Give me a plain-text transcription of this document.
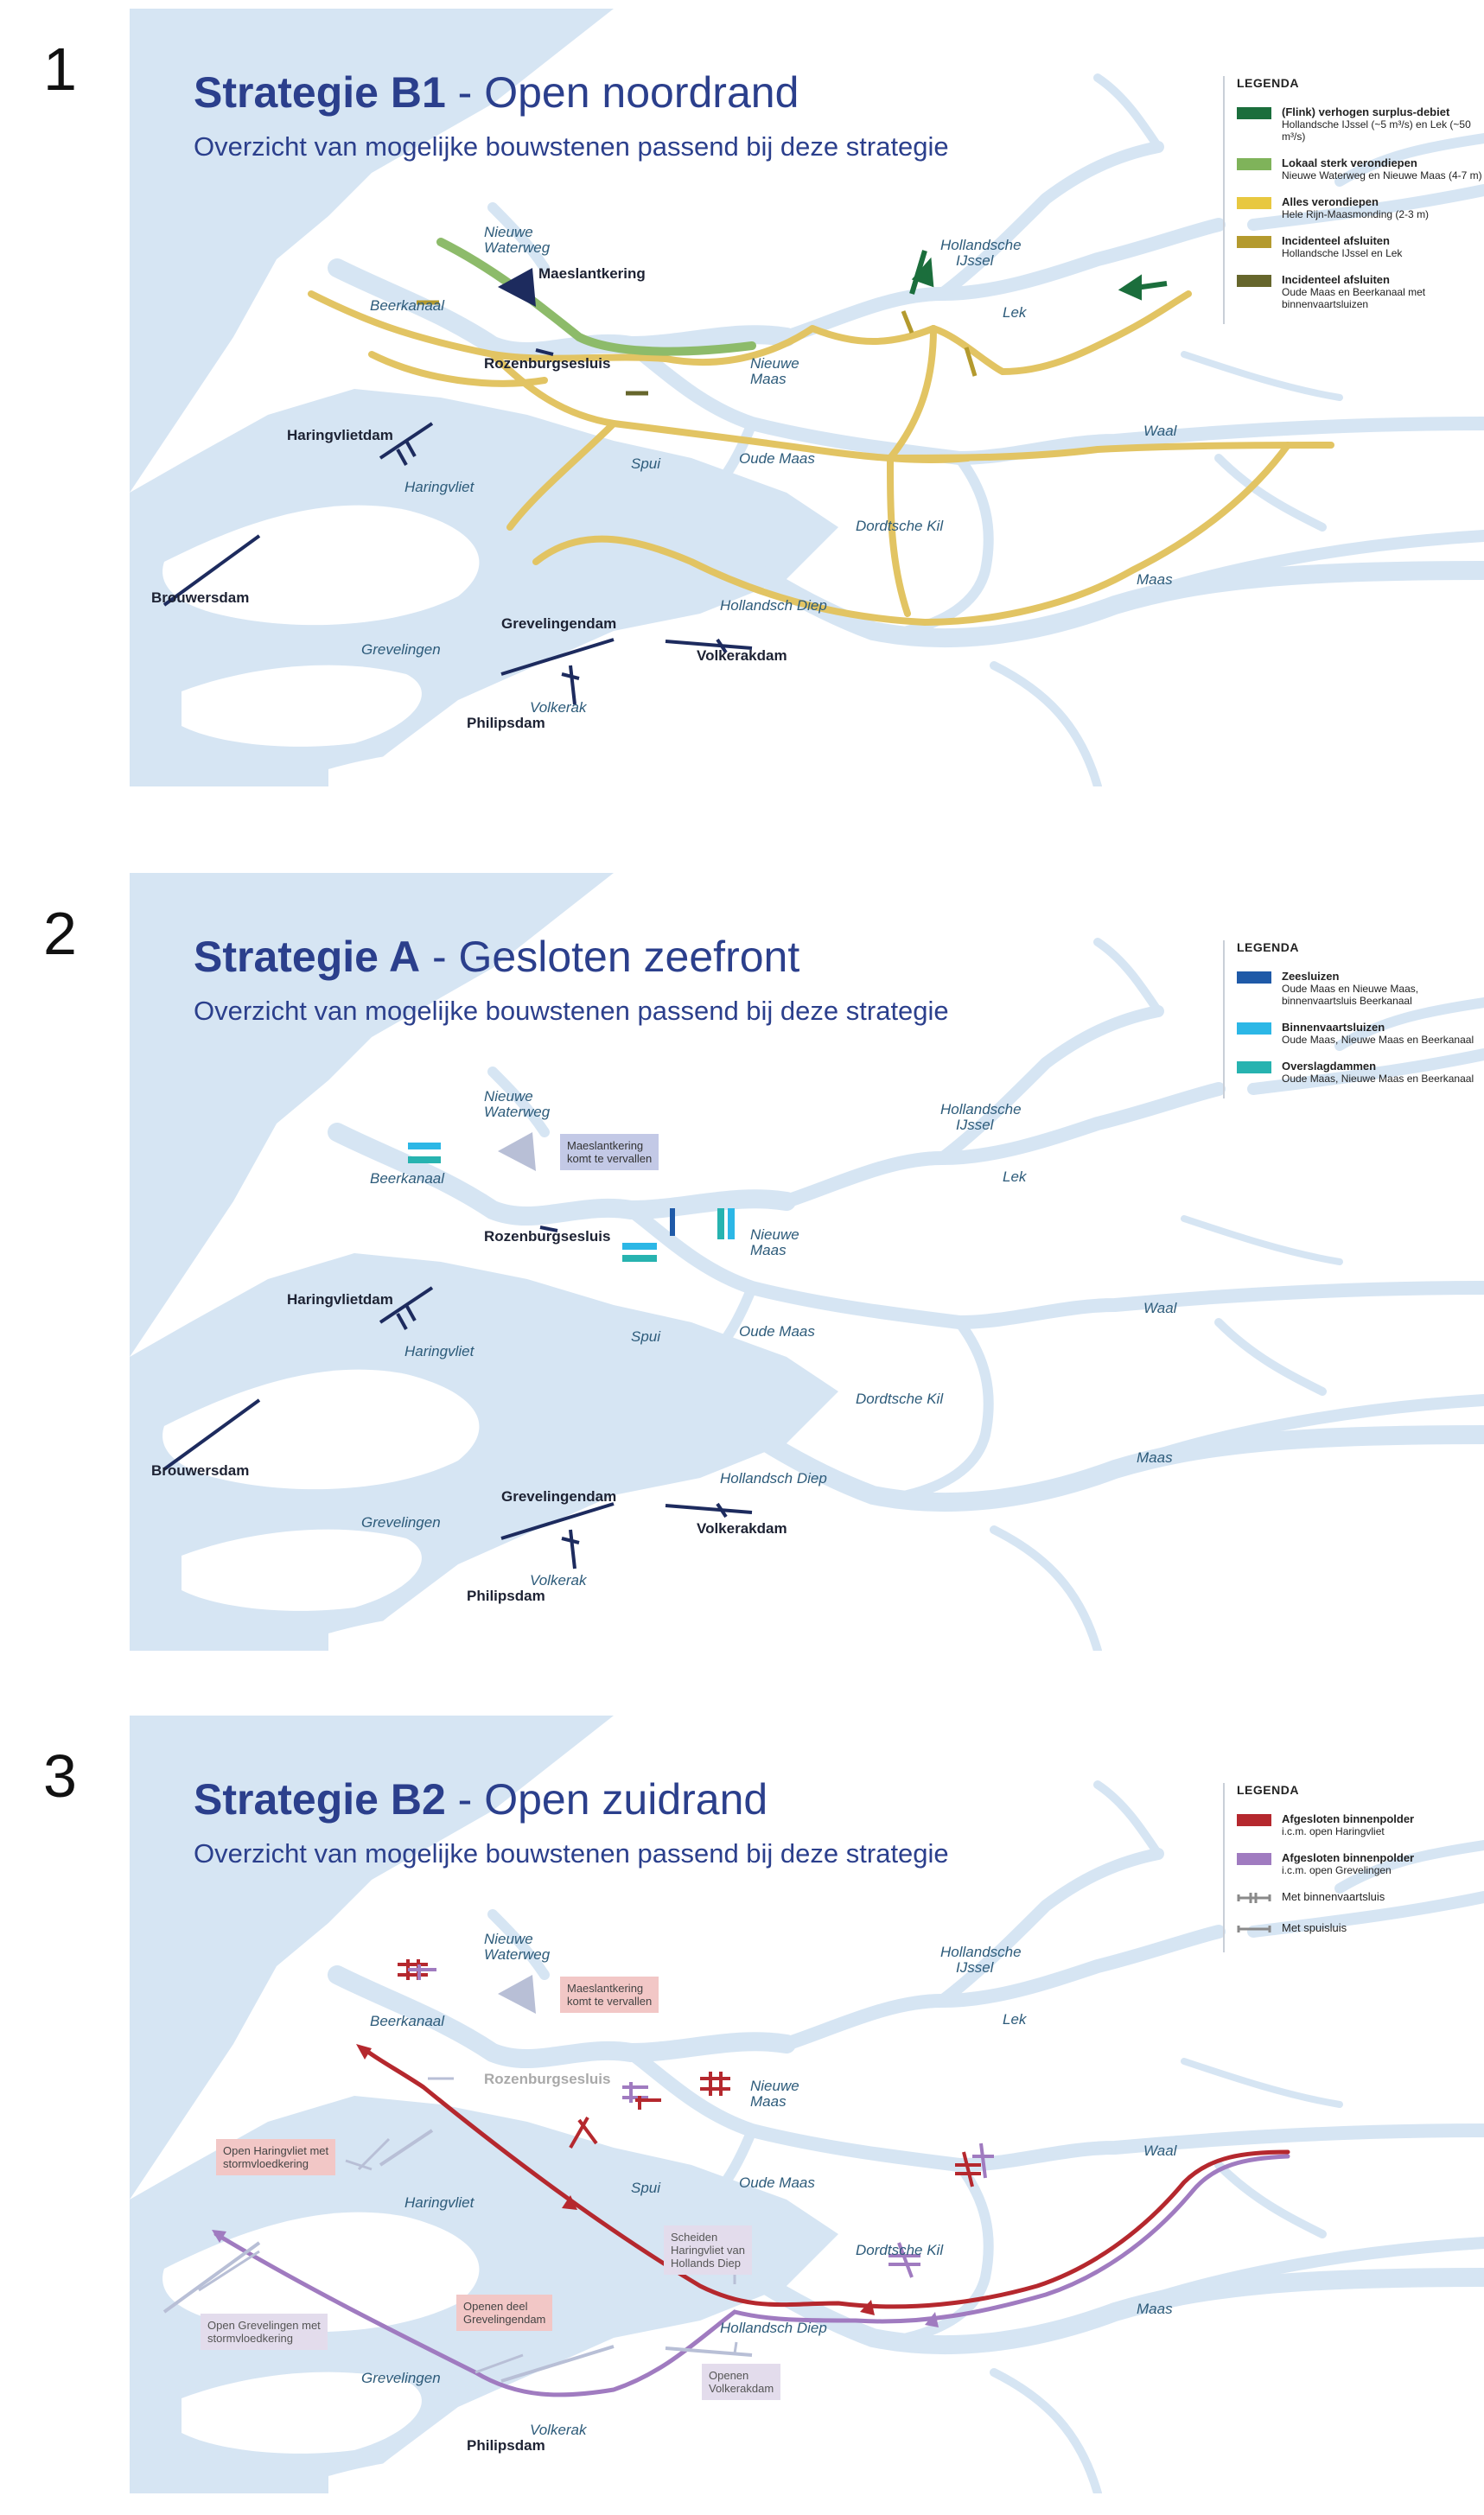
1	Strategie B1 - Open noordrand
Overzicht van mogelijke bouwstenen passend bij deze strategie
Nieuwe
Waterweg
Maeslantkering
Beerkanaal
Rozenburgsesluis
Hollandsche
IJssel
Lek
Nieuwe
Maas
Haringvlietdam
Haringvliet
Spui	Oude Maas
Waal
Dordtsche Kil
Brouwersdam
Maas
Hollandsch Diep
Grevelingendam
Volkerakdam
Grevelingen
Volkerak
Philipsdam
LEGENDA
(Flink) verhogen surplus-debiet
Hollandsche IJssel (~5 m³/s) en Lek (~50 m³/s)
Lokaal sterk verondiepen
Nieuwe Waterweg en Nieuwe Maas (4-7 m)
Alles verondiepen
Hele Rijn-Maasmonding (2-3 m)
Incidenteel afsluiten
Hollandsche IJssel en Lek
Incidenteel afsluiten
Oude Maas en Beerkanaal met binnenvaartsluizen
2	Strategie A - Gesloten zeefront
Overzicht van mogelijke bouwstenen passend bij deze strategie
Maeslantkering
komt te vervallen
Nieuwe
Waterweg
Beerkanaal
Rozenburgsesluis
Hollandsche
IJssel
Lek
Nieuwe
Maas
Haringvlietdam
Haringvliet
Spui	Oude Maas
Waal
Dordtsche Kil
Brouwersdam
Maas
Hollandsch Diep
Grevelingendam
Volkerakdam
Grevelingen
Volkerak
Philipsdam
LEGENDA
Zeesluizen
Oude Maas en Nieuwe Maas, binnenvaartsluis Beerkanaal
Binnenvaartsluizen
Oude Maas, Nieuwe Maas en Beerkanaal
Overslagdammen
Oude Maas, Nieuwe Maas en Beerkanaal
3	Strategie B2 - Open zuidrand
Overzicht van mogelijke bouwstenen passend bij deze strategie
Maeslantkering
komt te vervallen
Open Haringvliet met
stormvloedkering
Open Grevelingen met
stormvloedkering
Openen deel
Grevelingendam
Scheiden
Haringvliet van
Hollands Diep
Openen
Volkerakdam
Nieuwe
Waterweg
Beerkanaal
Rozenburgsesluis
Hollandsche
IJssel
Lek
Nieuwe
Maas
Haringvliet
Spui	Oude Maas
Waal
Dordtsche Kil
Maas
Hollandsch Diep
Grevelingen
Volkerak
Philipsdam
LEGENDA
Afgesloten binnenpolder
i.c.m. open Haringvliet
Afgesloten binnenpolder
i.c.m. open Grevelingen
Met binnenvaartsluis
Met spuisluis
